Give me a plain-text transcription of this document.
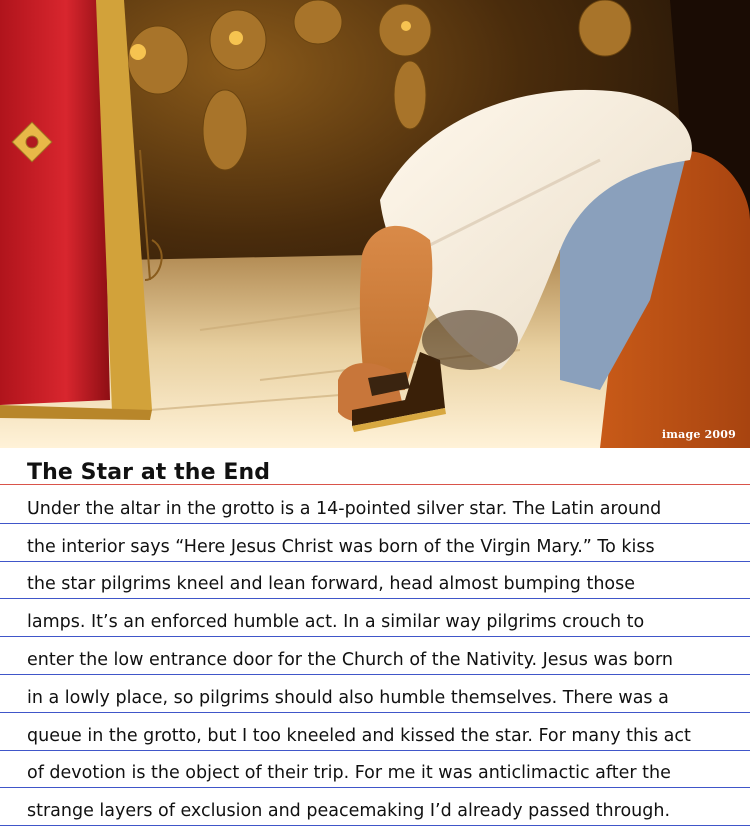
image 2009
The Star at the End
Under the altar in the grotto is a 14-pointed silver star. The Latin around
the interior says “Here Jesus Christ was born of the Virgin Mary.” To kiss
the star pilgrims kneel and lean forward, head almost bumping those
lamps. It’s an enforced humble act. In a similar way pilgrims crouch to
enter the low entrance door for the Church of the Nativity. Jesus was born
in a lowly place, so pilgrims should also humble themselves. There was a
queue in the grotto, but I too kneeled and kissed the star. For many this act
of devotion is the object of their trip. For me it was anticlimactic after the
strange layers of exclusion and peacemaking I’d already passed through.
